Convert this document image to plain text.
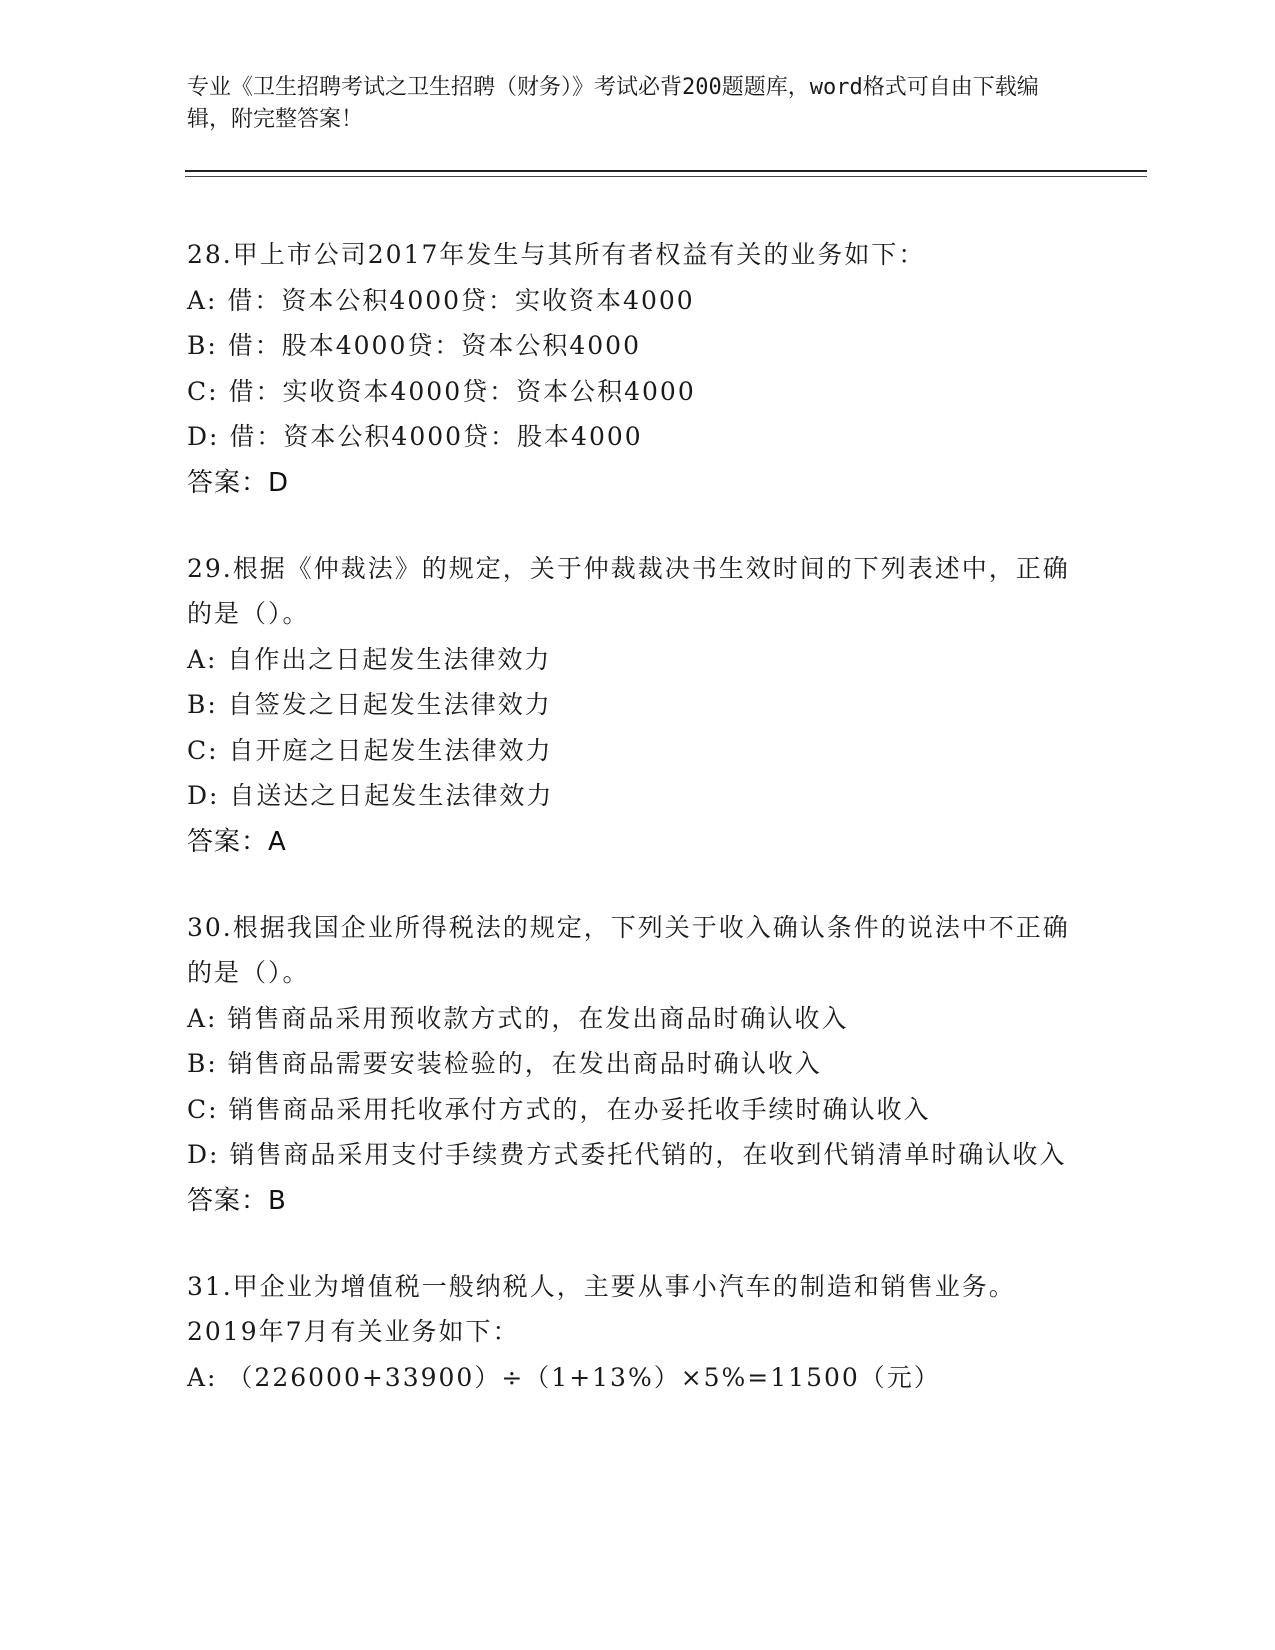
专业《卫生招聘考试之卫生招聘（财务）》考试必背200题题库，word格式可自由下载编辑，附完整答案！
28.甲上市公司2017年发生与其所有者权益有关的业务如下：
A: 借：资本公积4000贷：实收资本4000
B: 借：股本4000贷：资本公积4000
C: 借：实收资本4000贷：资本公积4000
D: 借：资本公积4000贷：股本4000
答案：D
29.根据《仲裁法》的规定，关于仲裁裁决书生效时间的下列表述中，正确的是（）。
A: 自作出之日起发生法律效力
B: 自签发之日起发生法律效力
C: 自开庭之日起发生法律效力
D: 自送达之日起发生法律效力
答案：A
30.根据我国企业所得税法的规定，下列关于收入确认条件的说法中不正确的是（）。
A: 销售商品采用预收款方式的，在发出商品时确认收入
B: 销售商品需要安装检验的，在发出商品时确认收入
C: 销售商品采用托收承付方式的，在办妥托收手续时确认收入
D: 销售商品采用支付手续费方式委托代销的，在收到代销清单时确认收入
答案：B
31.甲企业为增值税一般纳税人，主要从事小汽车的制造和销售业务。2019年7月有关业务如下：
A: （226000+33900）÷（1+13%）×5%=11500（元）
